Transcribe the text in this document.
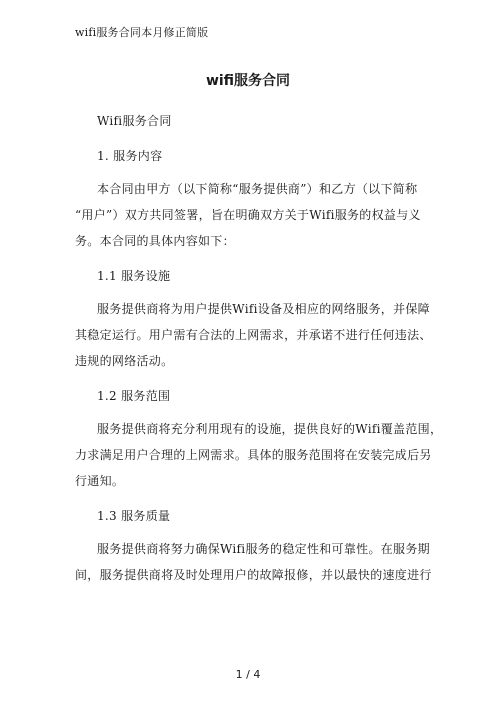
wifi服务合同本月修正简版
wifi服务合同
Wifi服务合同
1. 服务内容
本合同由甲方（以下简称“服务提供商”）和乙方（以下简称
“用户”）双方共同签署，旨在明确双方关于Wifi服务的权益与义
务。本合同的具体内容如下：
1.1 服务设施
服务提供商将为用户提供Wifi设备及相应的网络服务，并保障
其稳定运行。用户需有合法的上网需求，并承诺不进行任何违法、
违规的网络活动。
1.2 服务范围
服务提供商将充分利用现有的设施，提供良好的Wifi覆盖范围，
力求满足用户合理的上网需求。具体的服务范围将在安装完成后另
行通知。
1.3 服务质量
服务提供商将努力确保Wifi服务的稳定性和可靠性。在服务期
间，服务提供商将及时处理用户的故障报修，并以最快的速度进行
1 / 4
